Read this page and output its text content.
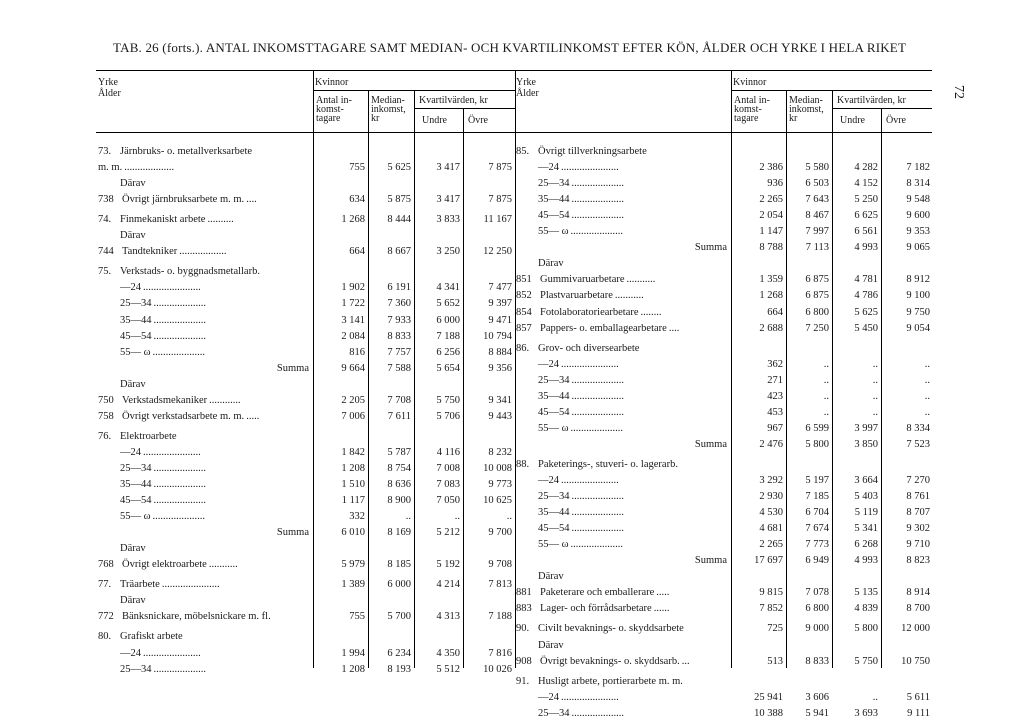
TAB. 26 (forts.). ANTAL INKOMSTTAGARE SAMT MEDIAN- OCH KVARTILINKOMST EFTER KÖN, ÅLDER OCH YRKE I HELA RIKET
72
Yrke
Ålder
Kvinnor
Antal in-
komst-
tagare
Median-
inkomst,
kr
Kvartilvärden, kr
Undre Övre
73. Järnbruks- o. metallverksarbete
m. m. ...................	755	5 625	3 417	7 875
Därav
738 Övrigt järnbruksarbete m. m. ....	634	5 875	3 417	7 875
74. Finmekaniskt arbete ..........	1 268	8 444	3 833	11 167
Därav
744 Tandtekniker ..................	664	8 667	3 250	12 250
75. Verkstads- o. byggnadsmetallarb.
—24 ......................	1 902	6 191	4 341	7 477
25—34 ....................	1 722	7 360	5 652	9 397
35—44 ....................	3 141	7 933	6 000	9 471
45—54 ....................	2 084	8 833	7 188	10 794
55— ω ....................	816	7 757	6 256	8 884
Summa	9 664	7 588	5 654	9 356
Därav
750 Verkstadsmekaniker ............	2 205	7 708	5 750	9 341
758 Övrigt verkstadsarbete m. m. .....	7 006	7 611	5 706	9 443
76. Elektroarbete
—24 ......................	1 842	5 787	4 116	8 232
25—34 ....................	1 208	8 754	7 008	10 008
35—44 ....................	1 510	8 636	7 083	9 773
45—54 ....................	1 117	8 900	7 050	10 625
55— ω ....................	332	..	..	..
Summa	6 010	8 169	5 212	9 700
Därav
768 Övrigt elektroarbete ...........	5 979	8 185	5 192	9 708
77. Träarbete ......................	1 389	6 000	4 214	7 813
Därav
772 Bänksnickare, möbelsnickare m. fl.	755	5 700	4 313	7 188
80. Grafiskt arbete
—24 ......................	1 994	6 234	4 350	7 816
25—34 ....................	1 208	8 193	5 512	10 026
Yrke
Ålder
Kvinnor
Antal in-
komst-
tagare
Median-
inkomst,
kr
Kvartilvärden, kr
Undre Övre
85. Övrigt tillverkningsarbete
—24 ......................	2 386	5 580	4 282	7 182
25—34 ....................	936	6 503	4 152	8 314
35—44 ....................	2 265	7 643	5 250	9 548
45—54 ....................	2 054	8 467	6 625	9 600
55— ω ....................	1 147	7 997	6 561	9 353
Summa	8 788	7 113	4 993	9 065
Därav
851 Gummivaruarbetare ...........	1 359	6 875	4 781	8 912
852 Plastvaruarbetare ...........	1 268	6 875	4 786	9 100
854 Fotolaboratoriearbetare ........	664	6 800	5 625	9 750
857 Pappers- o. emballagearbetare ....	2 688	7 250	5 450	9 054
86. Grov- och diversearbete
—24 ......................	362	..	..	..
25—34 ....................	271	..	..	..
35—44 ....................	423	..	..	..
45—54 ....................	453	..	..	..
55— ω ....................	967	6 599	3 997	8 334
Summa	2 476	5 800	3 850	7 523
88. Paketerings-, stuveri- o. lagerarb.
—24 ......................	3 292	5 197	3 664	7 270
25—34 ....................	2 930	7 185	5 403	8 761
35—44 ....................	4 530	6 704	5 119	8 707
45—54 ....................	4 681	7 674	5 341	9 302
55— ω ....................	2 265	7 773	6 268	9 710
Summa	17 697	6 949	4 993	8 823
Därav
881 Paketerare och emballerare .....	9 815	7 078	5 135	8 914
883 Lager- och förrådsarbetare ......	7 852	6 800	4 839	8 700
90. Civilt bevaknings- o. skyddsarbete	725	9 000	5 800	12 000
Därav
908 Övrigt bevaknings- o. skyddsarb. ...	513	8 833	5 750	10 750
91. Husligt arbete, portierarbete m. m.
—24 ......................	25 941	3 606	..	5 611
25—34 ....................	10 388	5 941	3 693	9 111
